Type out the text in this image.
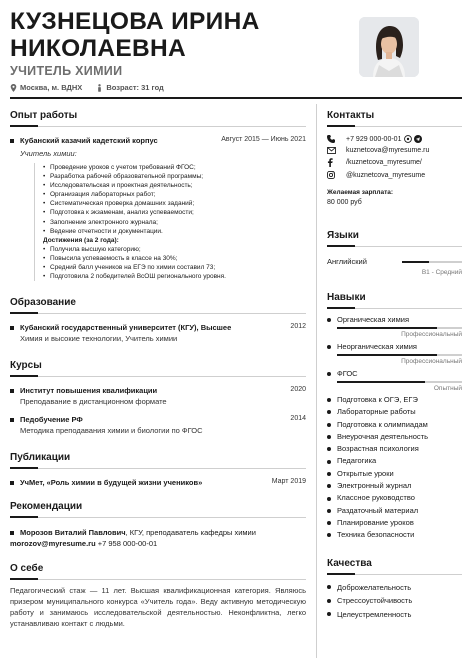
КУЗНЕЦОВА ИРИНА
НИКОЛАЕВНА
УЧИТЕЛЬ ХИМИИ
Москва, м. ВДНХ	Возраст: 31 год
Опыт работы
Кубанский казачий кадетский корпус	Август 2015 — Июнь 2021
Учитель химии:
• Проведение уроков с учетом требований ФГОС;
• Разработка рабочей образовательной программы;
• Исследовательская и проектная деятельность;
• Организация лабораторных работ;
• Систематическая проверка домашних заданий;
• Подготовка к экзаменам, анализ успеваемости;
• Заполнение электронного журнала;
• Ведение отчетности и документации.
Достижения (за 2 года):
• Получила высшую категорию;
• Повысила успеваемость в классе на 30%;
• Средний балл учеников на ЕГЭ по химии составил 73;
• Подготовила 2 победителей ВсОШ регионального уровня.
Образование
Кубанский государственный университет (КГУ), Высшее	2012
Химия и высокие технологии, Учитель химии
Курсы
Институт повышения квалификации	2020
Преподавание в дистанционном формате
Педобучение РФ	2014
Методика преподавания химии и биологии по ФГОС
Публикации
УчМет, «Роль химии в будущей жизни учеников»	Март 2019
Рекомендации
Морозов Виталий Павлович, КГУ, преподаватель кафедры химии
morozov@myresume.ru +7 958 000-00-01
О себе
Педагогический стаж — 11 лет. Высшая квалификационная категория. Являюсь призером муниципального конкурса «Учитель года». Веду активную методическую работу и занимаюсь исследовательской деятельностью. Неконфликтна, легко устанавливаю контакт с людьми.
Контакты
+7 929 000-00-01
kuznetcova@myresume.ru
/kuznetcova_myresume/
@kuznetcova_myresume
Желаемая зарплата:
80 000 руб
Языки
Английский
B1 - Средний
Навыки
Органическая химия
Профессиональный
Неорганическая химия
Профессиональный
ФГОС
Опытный
Подготовка к ОГЭ, ЕГЭ
Лабораторные работы
Подготовка к олимпиадам
Внеурочная деятельность
Возрастная психология
Педагогика
Открытые уроки
Электронный журнал
Классное руководство
Раздаточный материал
Планирование уроков
Техника безопасности
Качества
Доброжелательность
Стрессоустойчивость
Целеустремленность
